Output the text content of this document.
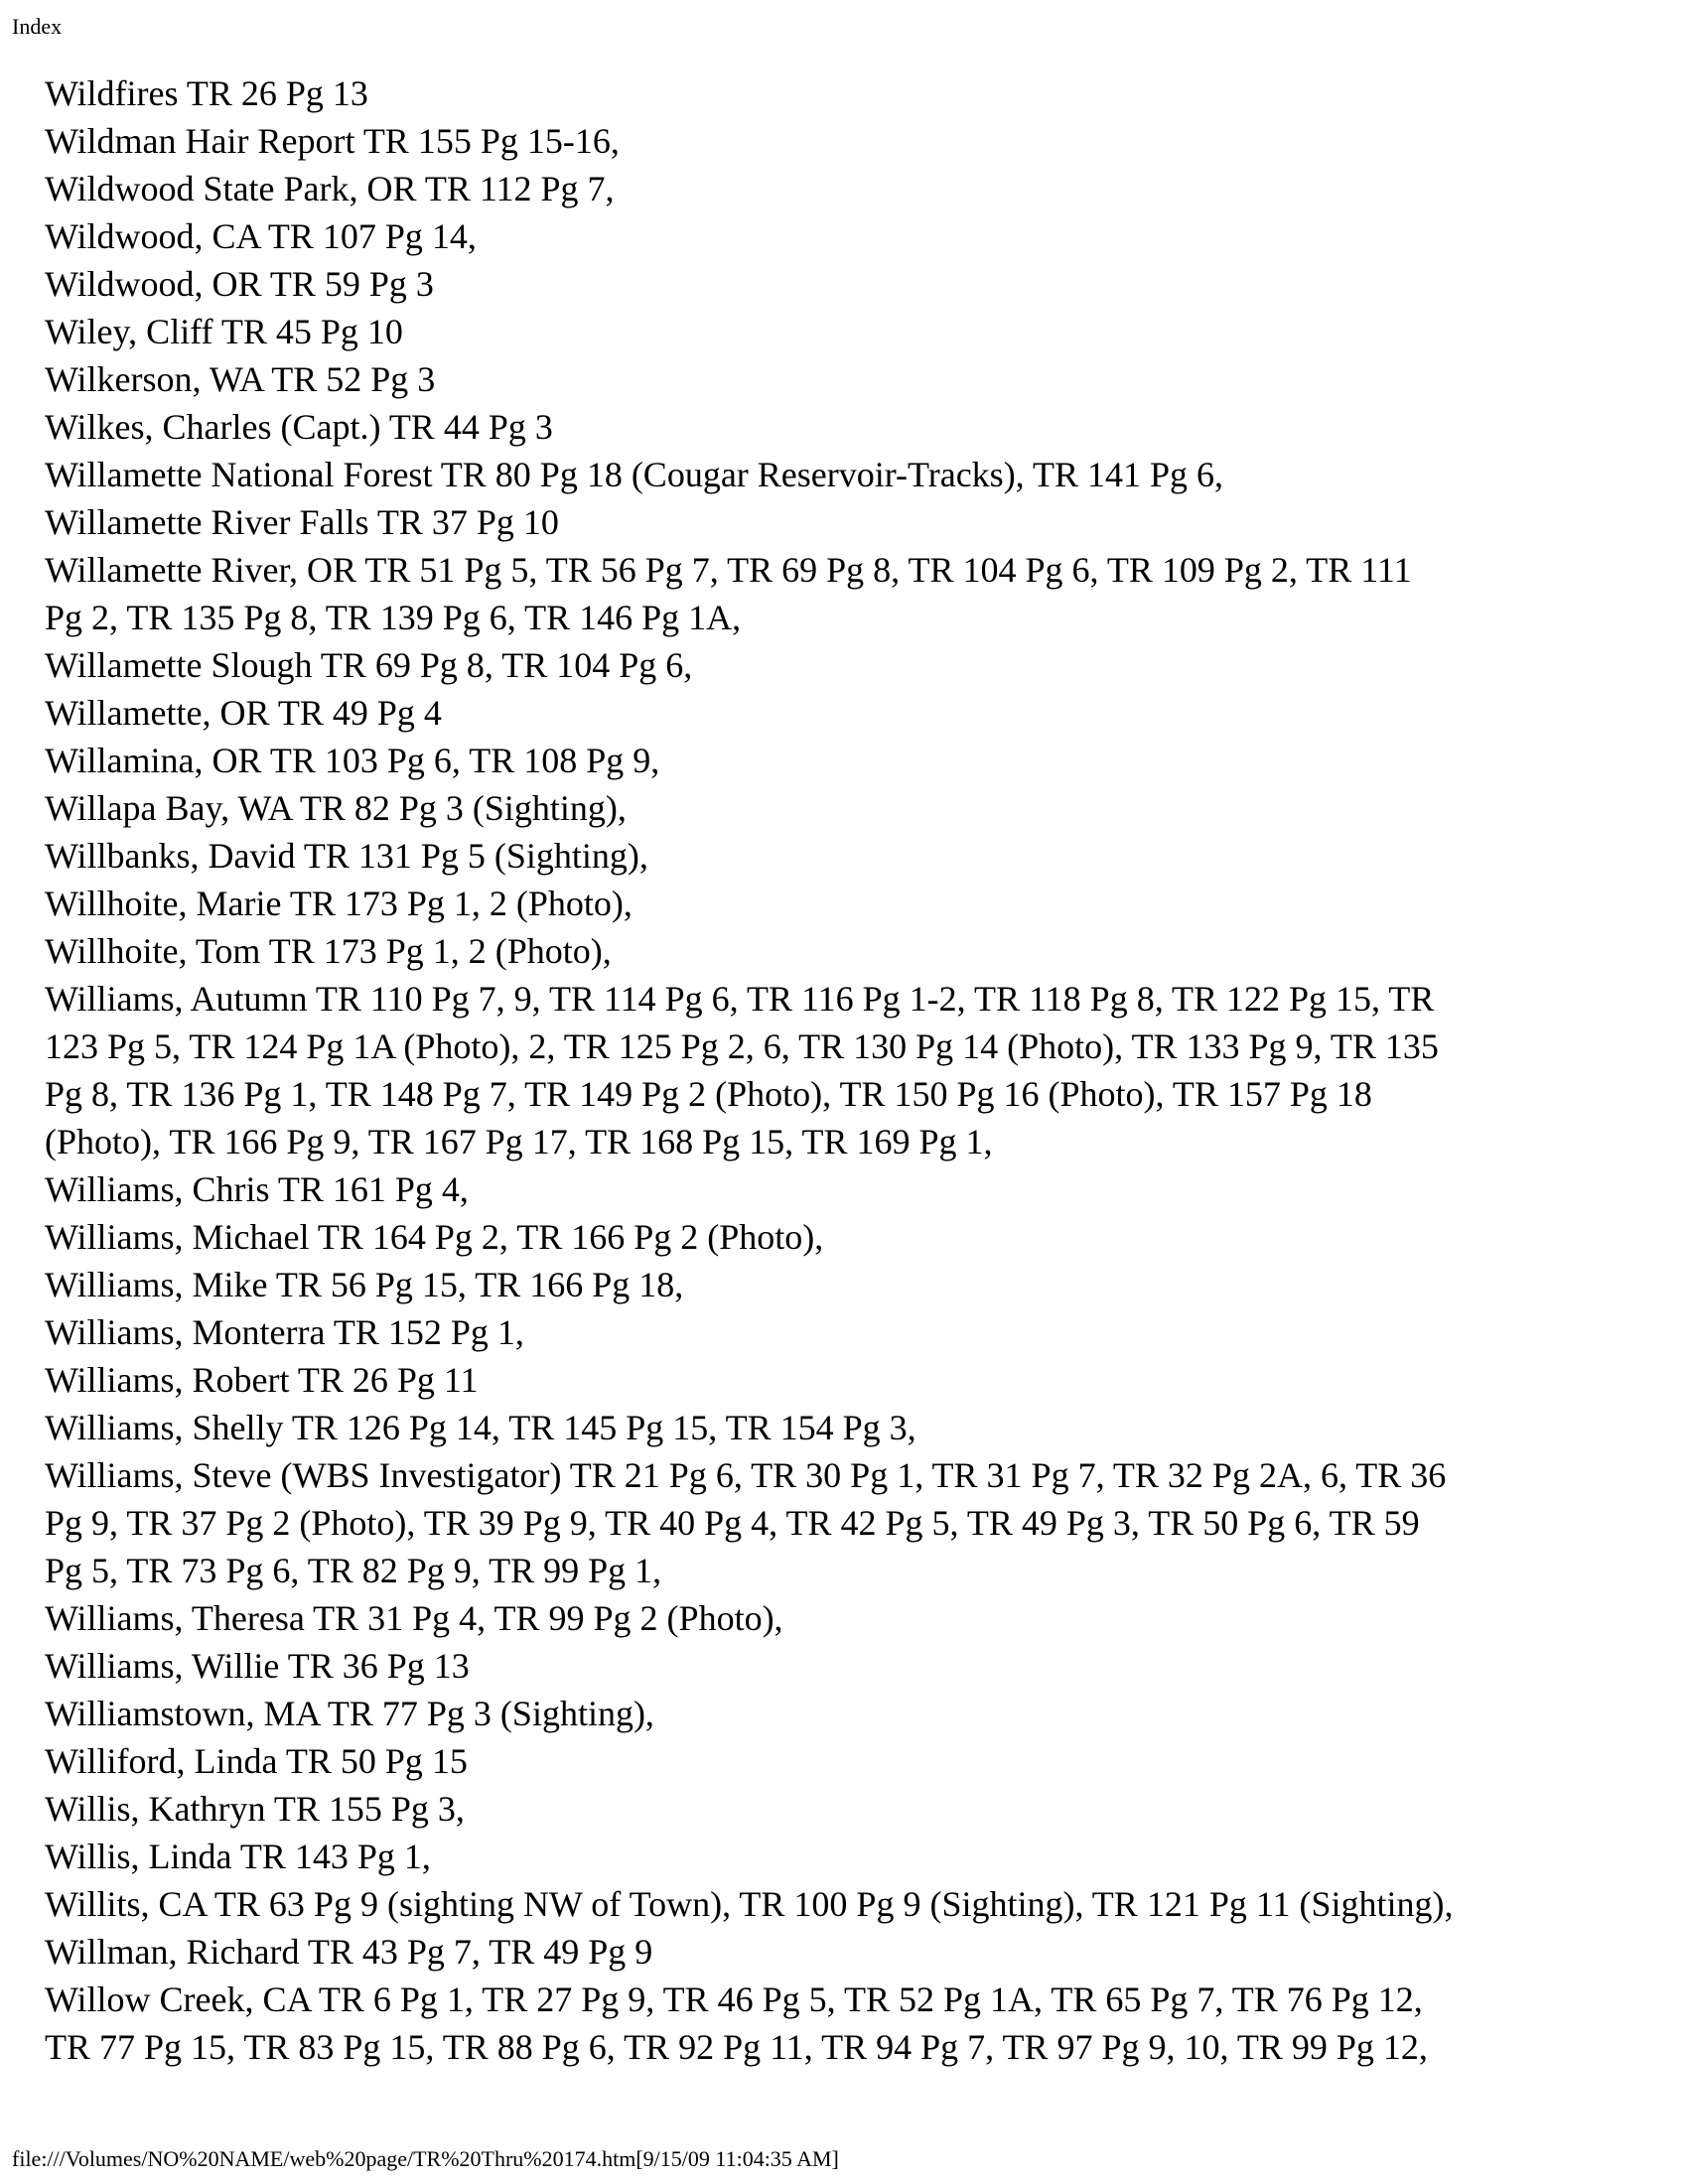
Index
Wildfires TR 26 Pg 13
Wildman Hair Report TR 155 Pg 15-16,
Wildwood State Park, OR TR 112 Pg 7,
Wildwood, CA TR 107 Pg 14,
Wildwood, OR TR 59 Pg 3
Wiley, Cliff TR 45 Pg 10
Wilkerson, WA TR 52 Pg 3
Wilkes, Charles (Capt.) TR 44 Pg 3
Willamette National Forest TR 80 Pg 18 (Cougar Reservoir-Tracks), TR 141 Pg 6,
Willamette River Falls TR 37 Pg 10
Willamette River, OR TR 51 Pg 5, TR 56 Pg 7, TR 69 Pg 8, TR 104 Pg 6, TR 109 Pg 2, TR 111
Pg 2, TR 135 Pg 8, TR 139 Pg 6, TR 146 Pg 1A,
Willamette Slough TR 69 Pg 8, TR 104 Pg 6,
Willamette, OR TR 49 Pg 4
Willamina, OR TR 103 Pg 6, TR 108 Pg 9,
Willapa Bay, WA TR 82 Pg 3 (Sighting),
Willbanks, David TR 131 Pg 5 (Sighting),
Willhoite, Marie TR 173 Pg 1, 2 (Photo),
Willhoite, Tom TR 173 Pg 1, 2 (Photo),
Williams, Autumn TR 110 Pg 7, 9, TR 114 Pg 6, TR 116 Pg 1-2, TR 118 Pg 8, TR 122 Pg 15, TR
123 Pg 5, TR 124 Pg 1A (Photo), 2, TR 125 Pg 2, 6, TR 130 Pg 14 (Photo), TR 133 Pg 9, TR 135
Pg 8, TR 136 Pg 1, TR 148 Pg 7, TR 149 Pg 2 (Photo), TR 150 Pg 16 (Photo), TR 157 Pg 18
(Photo), TR 166 Pg 9, TR 167 Pg 17, TR 168 Pg 15, TR 169 Pg 1,
Williams, Chris TR 161 Pg 4,
Williams, Michael TR 164 Pg 2, TR 166 Pg 2 (Photo),
Williams, Mike TR 56 Pg 15, TR 166 Pg 18,
Williams, Monterra TR 152 Pg 1,
Williams, Robert TR 26 Pg 11
Williams, Shelly TR 126 Pg 14, TR 145 Pg 15, TR 154 Pg 3,
Williams, Steve (WBS Investigator) TR 21 Pg 6, TR 30 Pg 1, TR 31 Pg 7, TR 32 Pg 2A, 6, TR 36
Pg 9, TR 37 Pg 2 (Photo), TR 39 Pg 9, TR 40 Pg 4, TR 42 Pg 5, TR 49 Pg 3, TR 50 Pg 6, TR 59
Pg 5, TR 73 Pg 6, TR 82 Pg 9, TR 99 Pg 1,
Williams, Theresa TR 31 Pg 4, TR 99 Pg 2 (Photo),
Williams, Willie TR 36 Pg 13
Williamstown, MA TR 77 Pg 3 (Sighting),
Williford, Linda TR 50 Pg 15
Willis, Kathryn TR 155 Pg 3,
Willis, Linda TR 143 Pg 1,
Willits, CA TR 63 Pg 9 (sighting NW of Town), TR 100 Pg 9 (Sighting), TR 121 Pg 11 (Sighting),
Willman, Richard TR 43 Pg 7, TR 49 Pg 9
Willow Creek, CA TR 6 Pg 1, TR 27 Pg 9, TR 46 Pg 5, TR 52 Pg 1A, TR 65 Pg 7, TR 76 Pg 12,
TR 77 Pg 15, TR 83 Pg 15, TR 88 Pg 6, TR 92 Pg 11, TR 94 Pg 7, TR 97 Pg 9, 10, TR 99 Pg 12,
file:///Volumes/NO%20NAME/web%20page/TR%20Thru%20174.htm[9/15/09 11:04:35 AM]
